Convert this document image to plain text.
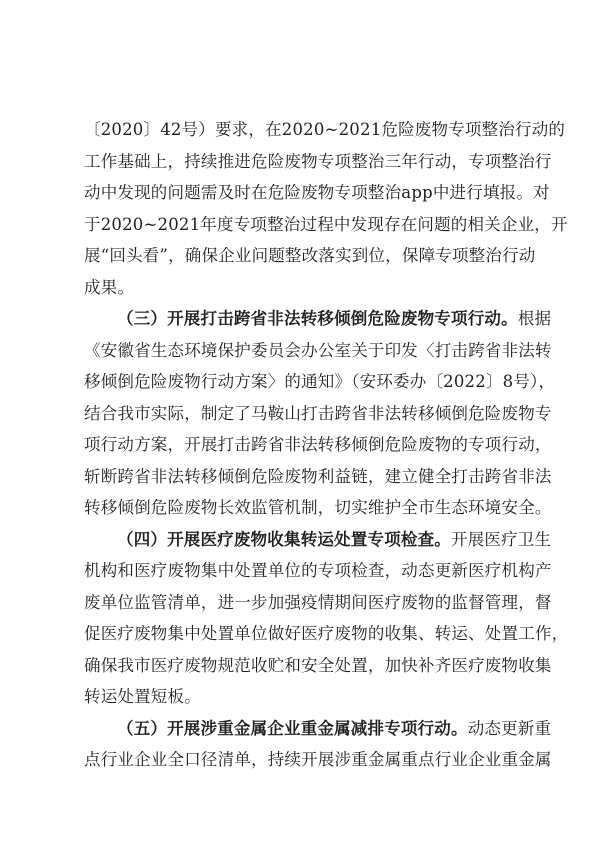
〔2020〕42号）要求，在2020~2021危险废物专项整治行动的
工作基础上，持续推进危险废物专项整治三年行动，专项整治行
动中发现的问题需及时在危险废物专项整治app中进行填报。对
于2020~2021年度专项整治过程中发现存在问题的相关企业，开
展“回头看”，确保企业问题整改落实到位，保障专项整治行动
成果。
（三）开展打击跨省非法转移倾倒危险废物专项行动。根据
《安徽省生态环境保护委员会办公室关于印发〈打击跨省非法转
移倾倒危险废物行动方案〉的通知》（安环委办〔2022〕8号），
结合我市实际，制定了马鞍山打击跨省非法转移倾倒危险废物专
项行动方案，开展打击跨省非法转移倾倒危险废物的专项行动，
斩断跨省非法转移倾倒危险废物利益链，建立健全打击跨省非法
转移倾倒危险废物长效监管机制，切实维护全市生态环境安全。
（四）开展医疗废物收集转运处置专项检查。开展医疗卫生
机构和医疗废物集中处置单位的专项检查，动态更新医疗机构产
废单位监管清单，进一步加强疫情期间医疗废物的监督管理，督
促医疗废物集中处置单位做好医疗废物的收集、转运、处置工作，
确保我市医疗废物规范收贮和安全处置，加快补齐医疗废物收集
转运处置短板。
（五）开展涉重金属企业重金属减排专项行动。动态更新重
点行业企业全口径清单，持续开展涉重金属重点行业企业重金属
